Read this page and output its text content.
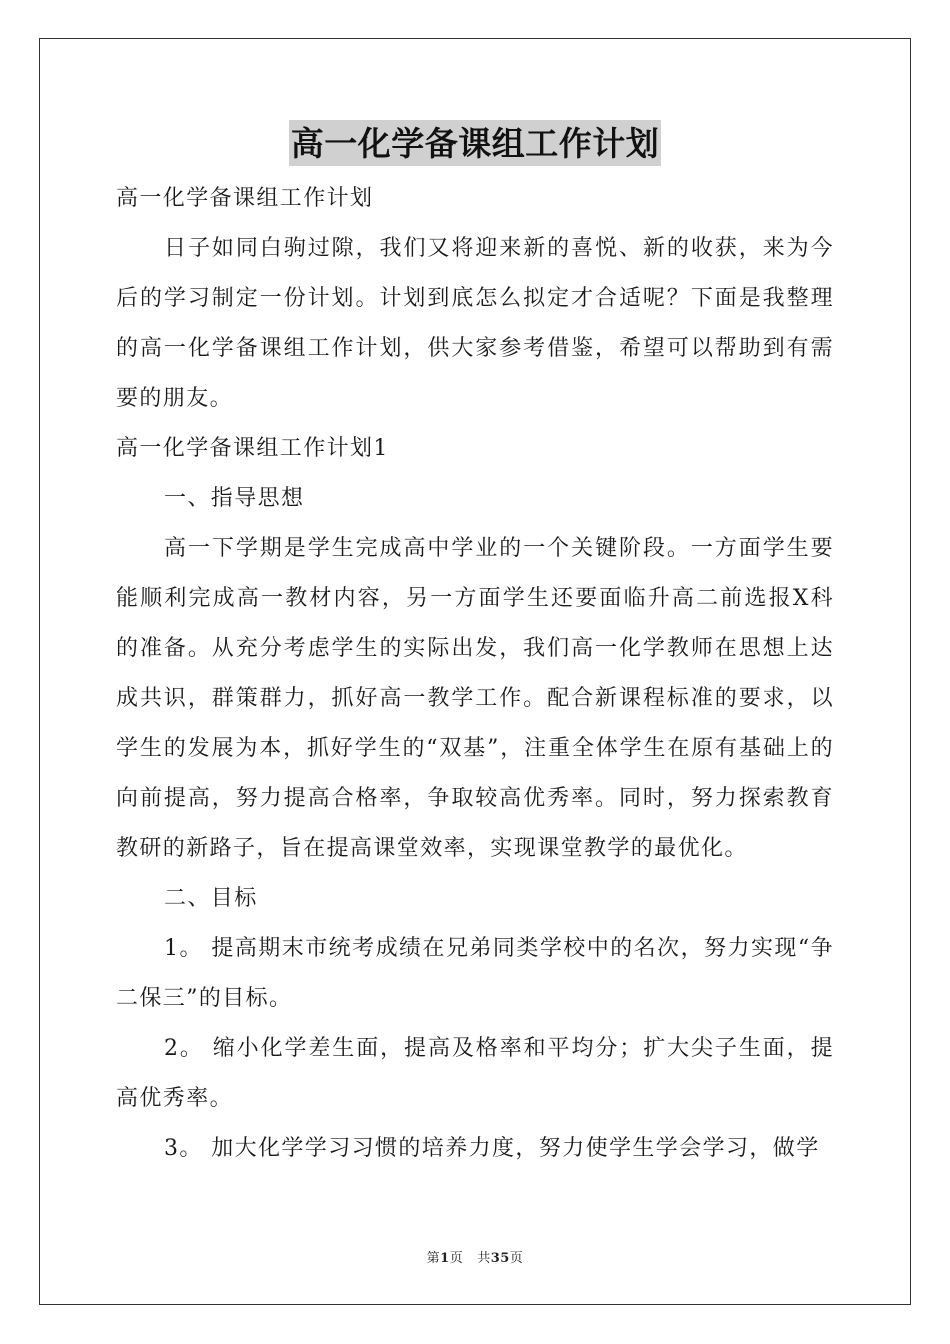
高一化学备课组工作计划

高一化学备课组工作计划

日子如同白驹过隙，我们又将迎来新的喜悦、新的收获，来为今后的学习制定一份计划。计划到底怎么拟定才合适呢？下面是我整理的高一化学备课组工作计划，供大家参考借鉴，希望可以帮助到有需要的朋友。

高一化学备课组工作计划1

一、指导思想

高一下学期是学生完成高中学业的一个关键阶段。一方面学生要能顺利完成高一教材内容，另一方面学生还要面临升高二前选报X科的准备。从充分考虑学生的实际出发，我们高一化学教师在思想上达成共识，群策群力，抓好高一教学工作。配合新课程标准的要求，以学生的发展为本，抓好学生的“双基”，注重全体学生在原有基础上的向前提高，努力提高合格率，争取较高优秀率。同时，努力探索教育教研的新路子，旨在提高课堂效率，实现课堂教学的最优化。

二、目标

1。 提高期末市统考成绩在兄弟同类学校中的名次，努力实现“争二保三”的目标。

2。 缩小化学差生面，提高及格率和平均分；扩大尖子生面，提高优秀率。

3。 加大化学学习习惯的培养力度，努力使学生学会学习，做学

第1页 共35页
